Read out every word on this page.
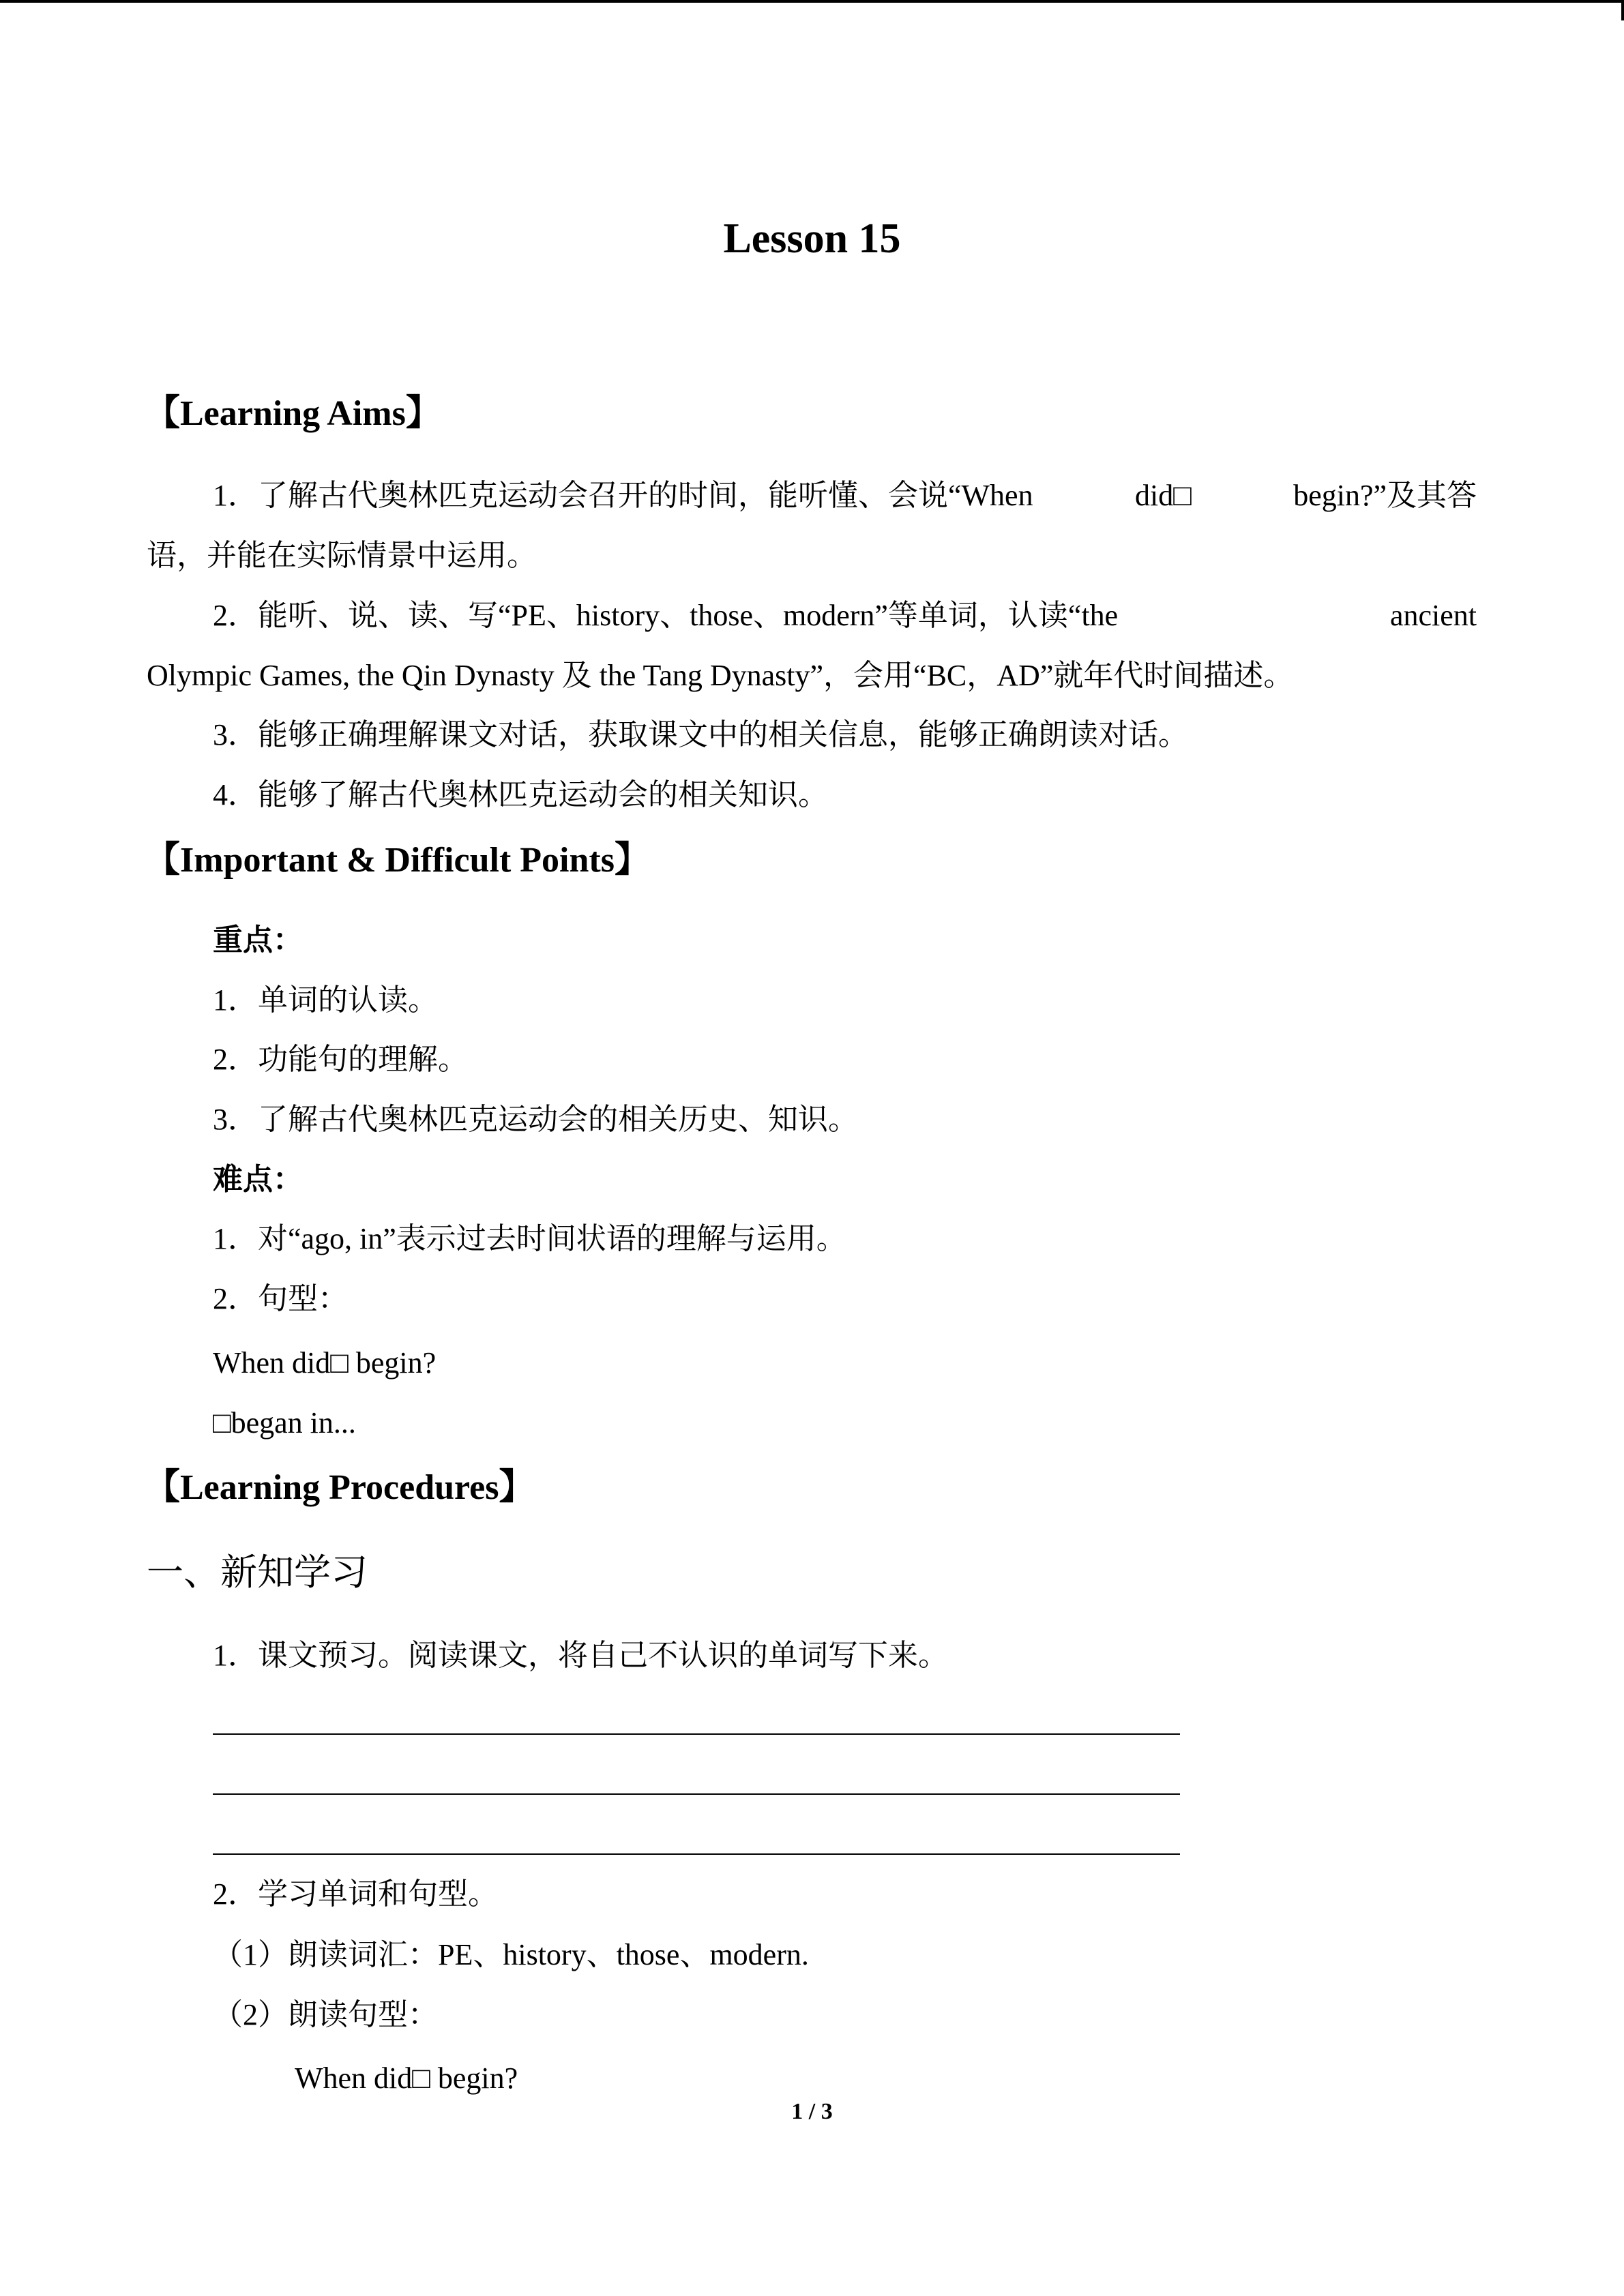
Lesson 15
【Learning Aims】
1．了解古代奥林匹克运动会召开的时间，能听懂、会说“When	did□	begin?”及其答
语，并能在实际情景中运用。
2．能听、说、读、写“PE、history、those、modern”等单词，认读“the	ancient
Olympic Games, the Qin Dynasty 及 the Tang Dynasty”，会用“BC，AD”就年代时间描述。
3．能够正确理解课文对话，获取课文中的相关信息，能够正确朗读对话。
4．能够了解古代奥林匹克运动会的相关知识。
【Important & Difficult Points】
重点：
1．单词的认读。
2．功能句的理解。
3．了解古代奥林匹克运动会的相关历史、知识。
难点：
1．对“ago, in”表示过去时间状语的理解与运用。
2．句型：
When did□ begin?
□began in...
【Learning Procedures】
一、新知学习
1．课文预习。阅读课文，将自己不认识的单词写下来。
2．学习单词和句型。
（1）朗读词汇：PE、history、those、modern.
（2）朗读句型：
When did□ begin?
1 / 3
